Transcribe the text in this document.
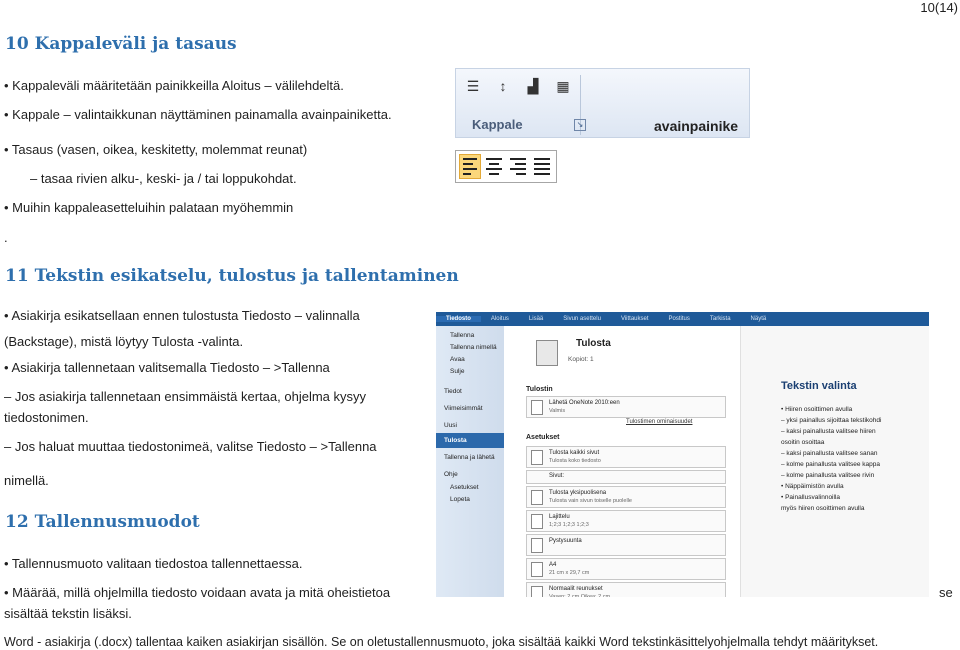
10(14)
10 Kappaleväli ja tasaus
• Kappaleväli määritetään painikkeilla Aloitus – välilehdeltä.
• Kappale – valintaikkunan näyttäminen painamalla avainpainiketta.
• Tasaus (vasen, oikea, keskitetty, molemmat reunat)
– tasaa rivien alku-, keski- ja / tai loppukohdat.
• Muihin kappaleasetteluihin palataan myöhemmin
.
☰	↕	▟	▦
Kappale	↘	avainpainike
11 Tekstin esikatselu, tulostus ja tallentaminen
• Asiakirja esikatsellaan ennen tulostusta Tiedosto – valinnalla
(Backstage), mistä löytyy Tulosta -valinta.
• Asiakirja tallennetaan valitsemalla Tiedosto – >Tallenna
– Jos asiakirja tallennetaan ensimmäistä kertaa, ohjelma kysyy
tiedostonimen.
– Jos haluat muuttaa tiedostonimeä, valitse Tiedosto – >Tallenna
nimellä.
Tiedosto	Aloitus	Lisää	Sivun asettelu	Viittaukset	Postitus	Tarkista	Näytä
Tallenna
Tallenna nimellä
Avaa
Sulje
Tiedot
Viimeisimmät
Uusi
Tulosta
Tallenna ja lähetä
Ohje
Asetukset
Lopeta
Tulosta
Kopiot: 1
Tulostin
Lähetä OneNote 2010:een
Valmis
Tulostimen ominaisuudet
Asetukset
Tulosta kaikki sivut
Tulosta koko tiedosto
Sivut:
Tulosta yksipuolisena
Tulosta vain sivun toiselle puolelle
Lajittelu
1;2;3 1;2;3 1;2;3
Pystysuunta
A4
21 cm x 29,7 cm
Normaalit reunukset
Vasen: 2 cm Oikea: 2 cm
Tekstin valinta
• Hiiren osoittimen avulla
– yksi painallus sijoittaa tekstikohdi
– kaksi painallusta valitsee hiiren
osoitin osoittaa
– kaksi painallusta valitsee sanan
– kolme painallusta valitsee kappa
– kolme painallusta valitsee rivin
• Näppäimistön avulla
• Painallusvalinnoilla
myös hiiren osoittimen avulla
12 Tallennusmuodot
• Tallennusmuoto valitaan tiedostoa tallennettaessa.
• Määrää, millä ohjelmilla tiedosto voidaan avata ja mitä oheistietoa	se
sisältää tekstin lisäksi.
Word - asiakirja (.docx) tallentaa kaiken asiakirjan sisällön. Se on oletustallennusmuoto, joka sisältää kaikki Word tekstinkäsittelyohjelmalla tehdyt määritykset.
